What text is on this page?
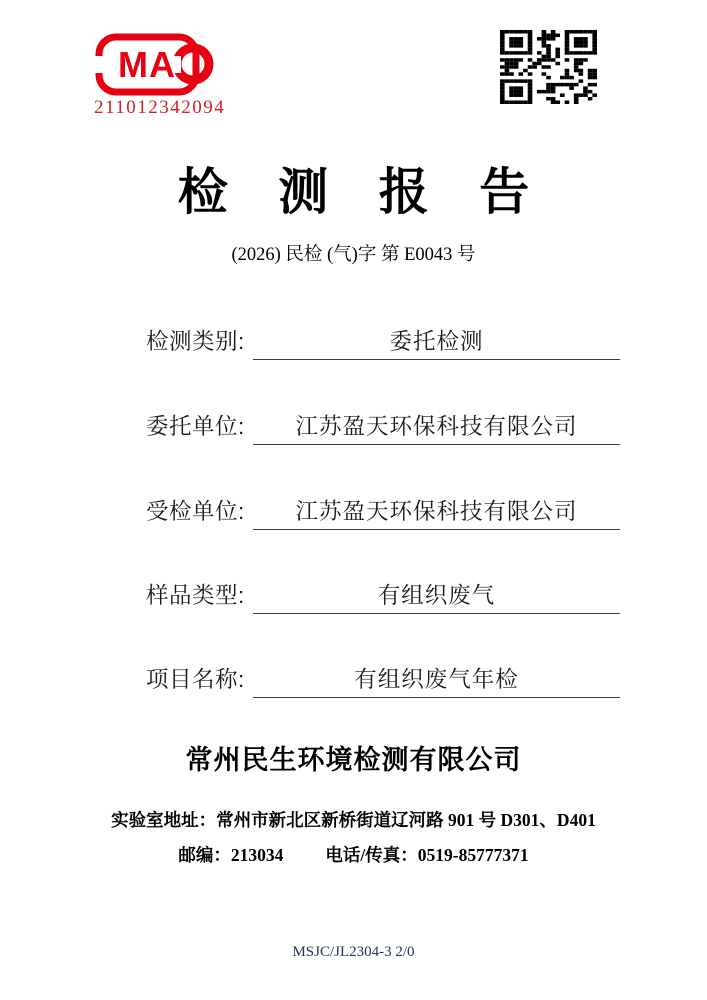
MA
211012342094
检 测 报 告
(2026) 民检 (气)字 第 E0043 号
检测类别:	委托检测
委托单位:	江苏盈天环保科技有限公司
受检单位:	江苏盈天环保科技有限公司
样品类型:	有组织废气
项目名称:	有组织废气年检
常州民生环境检测有限公司
实验室地址：常州市新北区新桥街道辽河路 901 号 D301、D401
邮编：213034 电话/传真：0519-85777371
MSJC/JL2304-3 2/0
